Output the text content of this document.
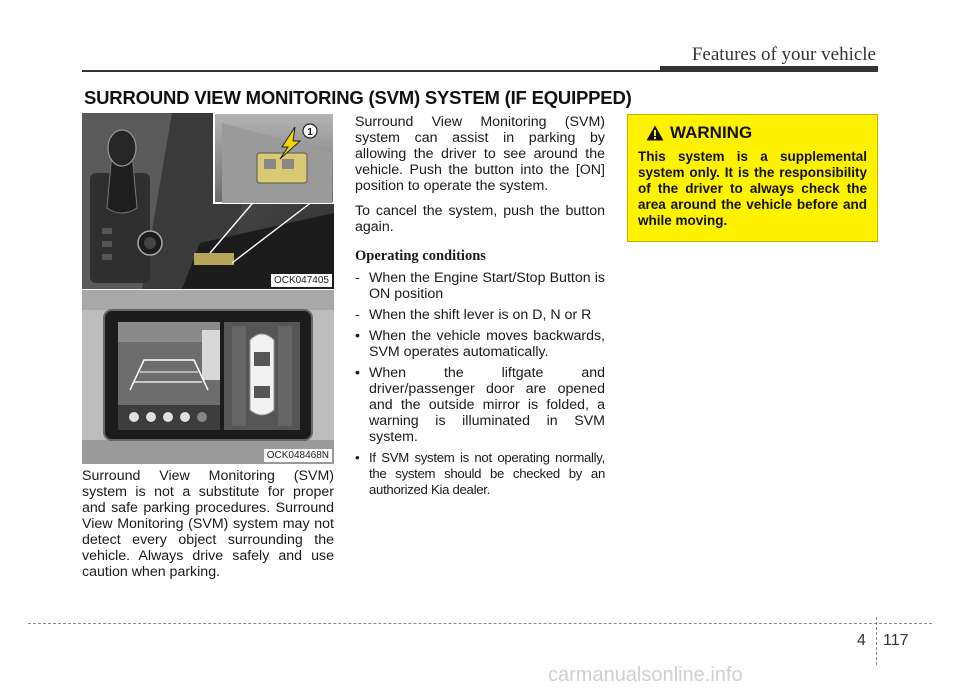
Features of your vehicle
SURROUND VIEW MONITORING (SVM) SYSTEM (IF EQUIPPED)
1
OCK047405
OCK048468N

Surround View Monitoring (SVM) system is not a substitute for proper and safe parking procedures. Surround View Monitoring (SVM) system may not detect every object surrounding the vehicle. Always drive safely and use caution when parking.

Surround View Monitoring (SVM) system can assist in parking by allowing the driver to see around the vehicle. Push the button into the [ON] position to operate the system.

To cancel the system, push the button again.

Operating conditions
- When the Engine Start/Stop Button is ON position
- When the shift lever is on D, N or R
• When the vehicle moves backwards, SVM operates automatically.
• When the liftgate and driver/passenger door are opened and the outside mirror is folded, a warning is illuminated in SVM system.
• If SVM system is not operating normally, the system should be checked by an authorized Kia dealer.
WARNING

This system is a supplemental system only. It is the responsibility of the driver to always check the area around the vehicle before and while moving.

4 117
carmanualsonline.info
